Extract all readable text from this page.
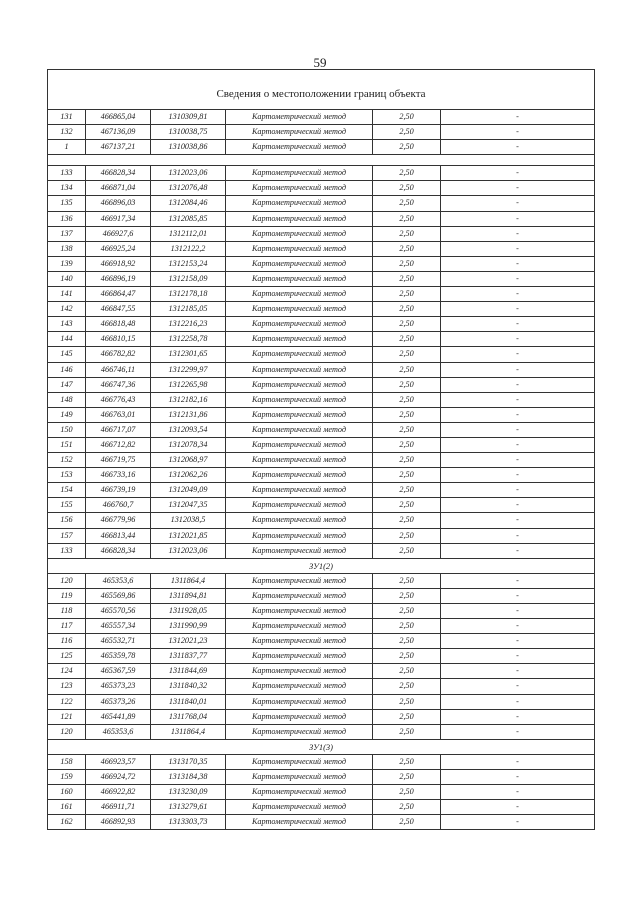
59
Сведения о местоположении границ объекта					
131	466865,04	1310309,81	Картометрический метод	2,50	-
132	467136,09	1310038,75	Картометрический метод	2,50	-
1	467137,21	1310038,86	Картометрический метод	2,50	-

133	466828,34	1312023,06	Картометрический метод	2,50	-
134	466871,04	1312076,48	Картометрический метод	2,50	-
135	466896,03	1312084,46	Картометрический метод	2,50	-
136	466917,34	1312085,85	Картометрический метод	2,50	-
137	466927,6	1312112,01	Картометрический метод	2,50	-
138	466925,24	1312122,2	Картометрический метод	2,50	-
139	466918,92	1312153,24	Картометрический метод	2,50	-
140	466896,19	1312158,09	Картометрический метод	2,50	-
141	466864,47	1312178,18	Картометрический метод	2,50	-
142	466847,55	1312185,05	Картометрический метод	2,50	-
143	466818,48	1312216,23	Картометрический метод	2,50	-
144	466810,15	1312258,78	Картометрический метод	2,50	-
145	466782,82	1312301,65	Картометрический метод	2,50	-
146	466746,11	1312299,97	Картометрический метод	2,50	-
147	466747,36	1312265,98	Картометрический метод	2,50	-
148	466776,43	1312182,16	Картометрический метод	2,50	-
149	466763,01	1312131,86	Картометрический метод	2,50	-
150	466717,07	1312093,54	Картометрический метод	2,50	-
151	466712,82	1312078,34	Картометрический метод	2,50	-
152	466719,75	1312068,97	Картометрический метод	2,50	-
153	466733,16	1312062,26	Картометрический метод	2,50	-
154	466739,19	1312049,09	Картометрический метод	2,50	-
155	466760,7	1312047,35	Картометрический метод	2,50	-
156	466779,96	1312038,5	Картометрический метод	2,50	-
157	466813,44	1312021,85	Картометрический метод	2,50	-
133	466828,34	1312023,06	Картометрический метод	2,50	-
ЗУ1(2)					
120	465353,6	1311864,4	Картометрический метод	2,50	-
119	465569,86	1311894,81	Картометрический метод	2,50	-
118	465570,56	1311928,05	Картометрический метод	2,50	-
117	465557,34	1311990,99	Картометрический метод	2,50	-
116	465532,71	1312021,23	Картометрический метод	2,50	-
125	465359,78	1311837,77	Картометрический метод	2,50	-
124	465367,59	1311844,69	Картометрический метод	2,50	-
123	465373,23	1311840,32	Картометрический метод	2,50	-
122	465373,26	1311840,01	Картометрический метод	2,50	-
121	465441,89	1311768,04	Картометрический метод	2,50	-
120	465353,6	1311864,4	Картометрический метод	2,50	-
ЗУ1(3)					
158	466923,57	1313170,35	Картометрический метод	2,50	-
159	466924,72	1313184,38	Картометрический метод	2,50	-
160	466922,82	1313230,09	Картометрический метод	2,50	-
161	466911,71	1313279,61	Картометрический метод	2,50	-
162	466892,93	1313303,73	Картометрический метод	2,50	-
